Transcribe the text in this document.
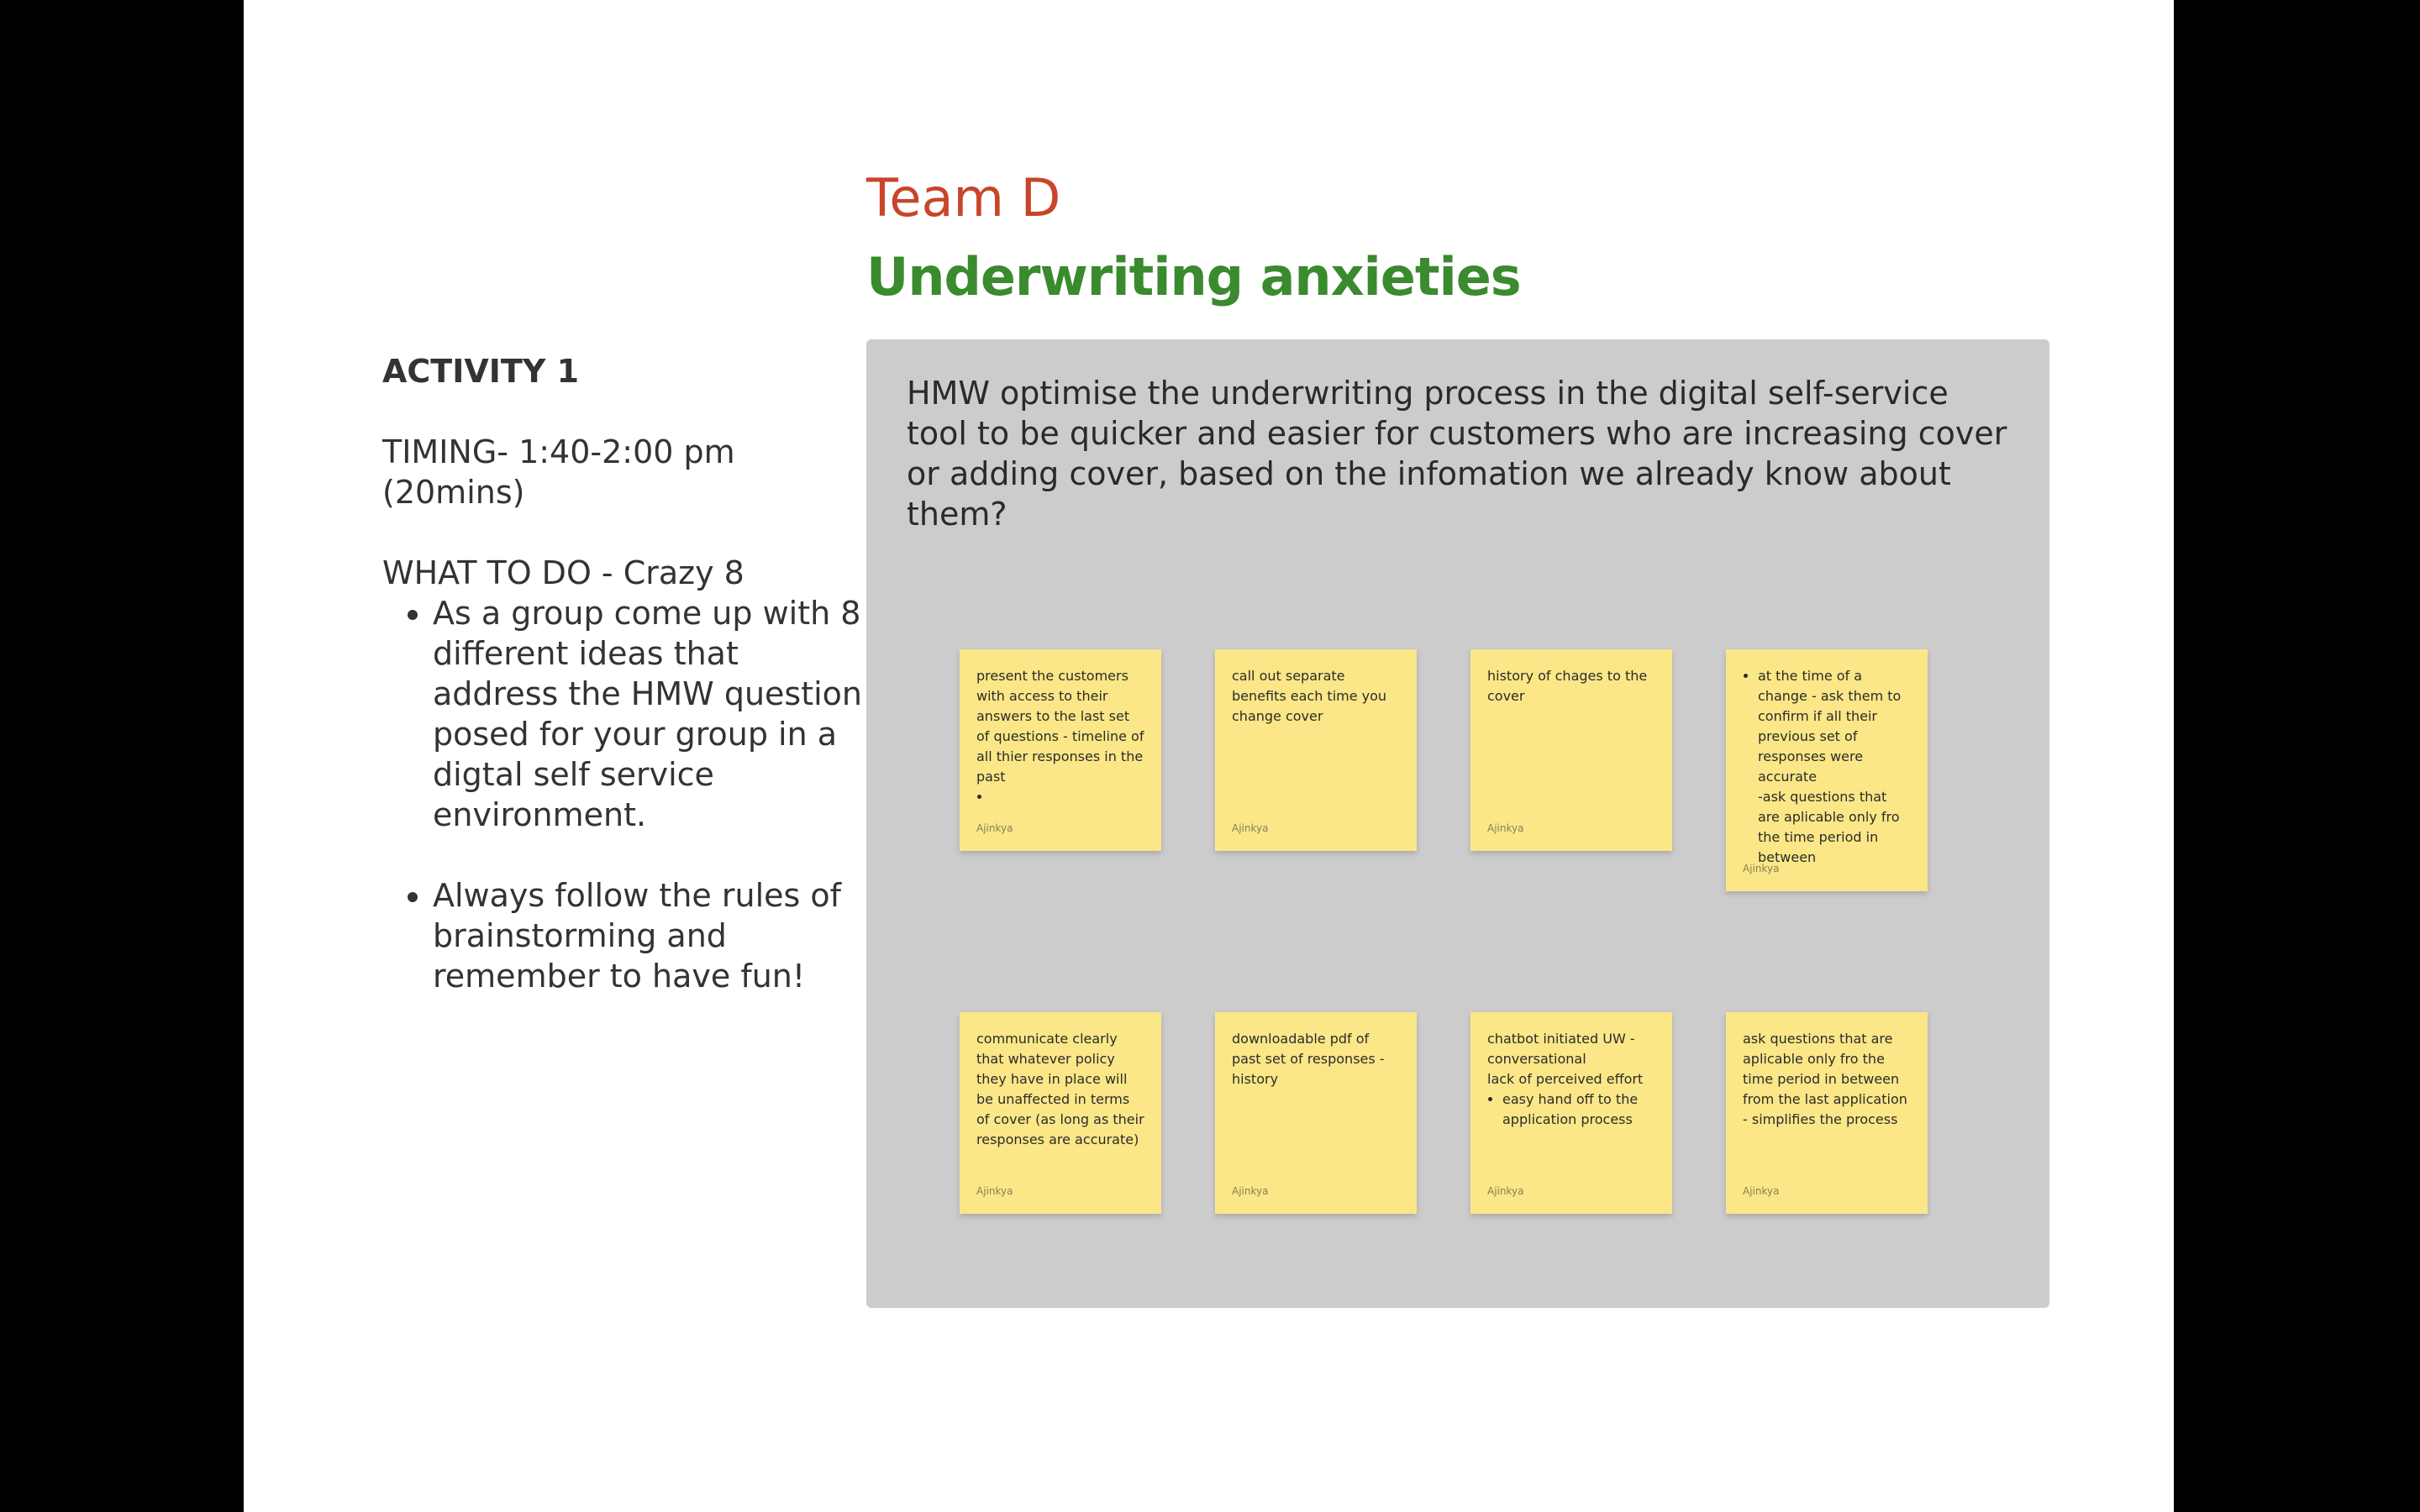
Team D
Underwriting anxieties

ACTIVITY 1

TIMING- 1:40-2:00 pm

(20mins)

WHAT TO DO - Crazy 8

• As a group come up with 8 different ideas that address the HMW question posed for your group in a digtal self service environment.
• Always follow the rules of brainstorming and remember to have fun!

HMW optimise the underwriting process in the digital self-service tool to be quicker and easier for customers who are increasing cover or adding cover, based on the infomation we already know about them?

present the customers with access to their answers to the last set of questions - timeline of all thier responses in the past
•
Ajinkya

call out separate benefits each time you change cover

Ajinkya

history of chages to the cover

Ajinkya
• at the time of a change - ask them to confirm if all their previous set of responses were accurate
-ask questions that are aplicable only fro the time period in between
Ajinkya

communicate clearly that whatever policy they have in place will be unaffected in terms of cover (as long as their responses are accurate)

Ajinkya

downloadable pdf of past set of responses - history

Ajinkya
chatbot initiated UW - conversational
lack of perceived effort
• easy hand off to the application process
Ajinkya

ask questions that are aplicable only fro the time period in between from the last application - simplifies the process

Ajinkya
